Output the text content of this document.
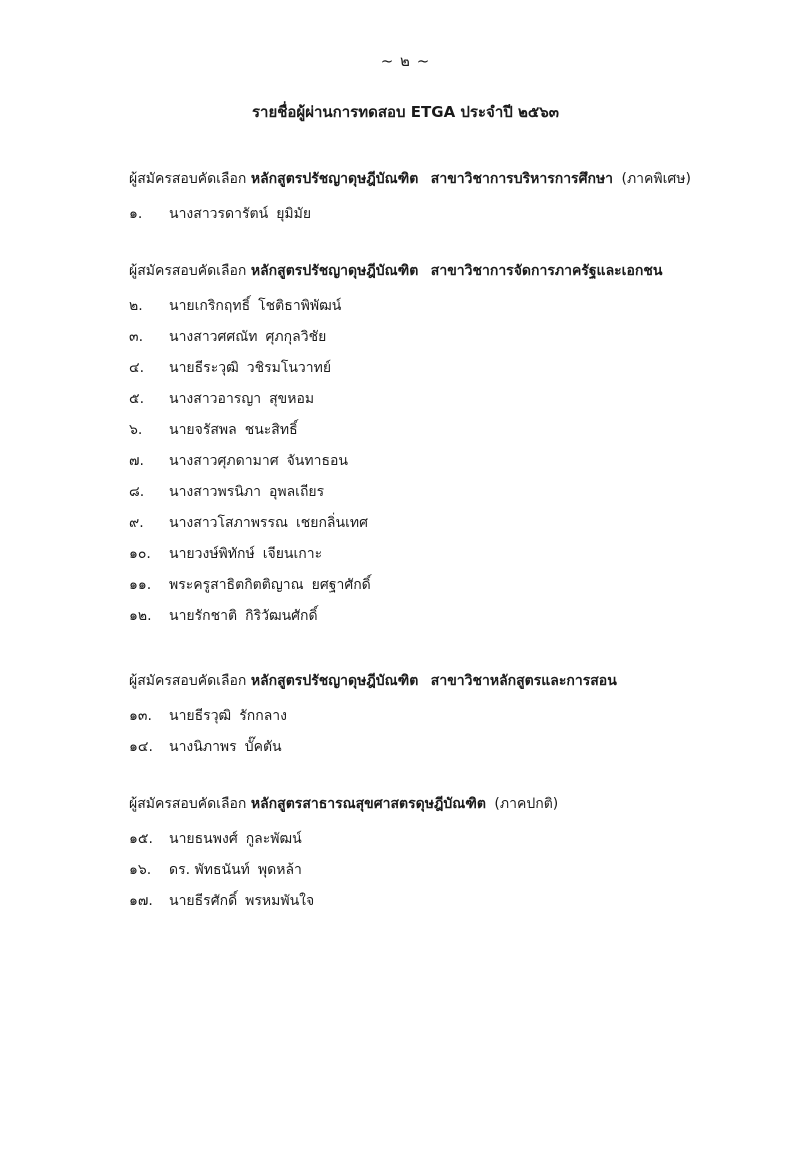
~ ๒ ~
รายชื่อผู้ผ่านการทดสอบ ETGA ประจำปี ๒๕๖๓
ผู้สมัครสอบคัดเลือก หลักสูตรปรัชญาดุษฎีบัณฑิต สาขาวิชาการบริหารการศึกษา (ภาคพิเศษ)
๑. นางสาวรดารัตน์ ยุมิมัย
ผู้สมัครสอบคัดเลือก หลักสูตรปรัชญาดุษฎีบัณฑิต สาขาวิชาการจัดการภาครัฐและเอกชน
๒. นายเกริกฤทธิ์ โชติธาพิพัฒน์
๓. นางสาวศศณัท ศุภกุลวิชัย
๔. นายธีระวุฒิ วชิรมโนวาทย์
๕. นางสาวอารญา สุขหอม
๖. นายจรัสพล ชนะสิทธิ์
๗. นางสาวศุภดามาศ จันทาธอน
๘. นางสาวพรนิภา อุพลเถียร
๙. นางสาวโสภาพรรณ เชยกลิ่นเทศ
๑๐. นายวงษ์พิทักษ์ เจียนเกาะ
๑๑. พระครูสาธิตกิตติญาณ ยศฐาศักดิ์
๑๒. นายรักชาติ กิริวัฒนศักดิ์
ผู้สมัครสอบคัดเลือก หลักสูตรปรัชญาดุษฎีบัณฑิต สาขาวิชาหลักสูตรและการสอน
๑๓. นายธีรวุฒิ รักกลาง
๑๔. นางนิภาพร บั๊คตัน
ผู้สมัครสอบคัดเลือก หลักสูตรสาธารณสุขศาสตรดุษฎีบัณฑิต (ภาคปกติ)
๑๕. นายธนพงศ์ กูละพัฒน์
๑๖. ดร. พัทธนันท์ พุดหล้า
๑๗. นายธีรศักดิ์ พรหมพันใจ
